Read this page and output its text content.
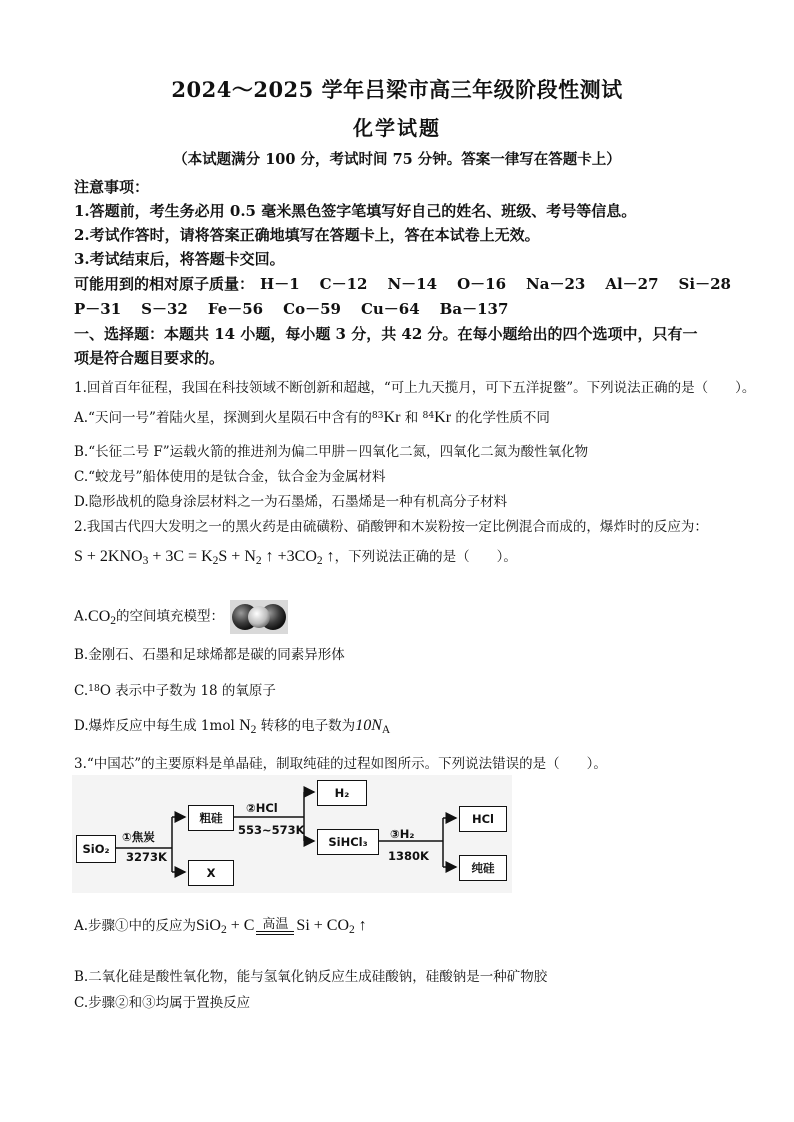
2024～2025 学年吕梁市高三年级阶段性测试
化学试题
（本试题满分 100 分，考试时间 75 分钟。答案一律写在答题卡上）
注意事项：
1.答题前，考生务必用 0.5 毫米黑色签字笔填写好自己的姓名、班级、考号等信息。
2.考试作答时，请将答案正确地填写在答题卡上，答在本试卷上无效。
3.考试结束后，将答题卡交回。
可能用到的相对原子质量： H－1 C－12 N－14 O－16 Na－23 Al－27 Si－28
P－31 S－32 Fe－56 Co－59 Cu－64 Ba－137
一、选择题：本题共 14 小题，每小题 3 分，共 42 分。在每小题给出的四个选项中，只有一
项是符合题目要求的。
1.回首百年征程，我国在科技领域不断创新和超越，“可上九天揽月，可下五洋捉鳖”。下列说法正确的是（　　）。
A.“天问一号”着陆火星，探测到火星陨石中含有的$^{83}$Kr 和 $^{84}$Kr 的化学性质不同
B.“长征二号 F”运载火箭的推进剂为偏二甲肼－四氧化二氮，四氧化二氮为酸性氧化物
C.“蛟龙号”船体使用的是钛合金，钛合金为金属材料
D.隐形战机的隐身涂层材料之一为石墨烯，石墨烯是一种有机高分子材料
2.我国古代四大发明之一的黑火药是由硫磺粉、硝酸钾和木炭粉按一定比例混合而成的，爆炸时的反应为：
$S + 2KNO_3 + 3C = K_2S + N_2$ ↑ $+3CO_2$ ↑，下列说法正确的是（　　）。
$A.CO_2$的空间填充模型：
B.金刚石、石墨和足球烯都是碳的同素异形体
C.$^{18}$O 表示中子数为 18 的氧原子
D.爆炸反应中每生成 1mol $N_2$ 转移的电子数为$10N_A$
3.“中国芯”的主要原料是单晶硅，制取纯硅的过程如图所示。下列说法错误的是（　　）。
SiO₂
①焦炭
3273K
粗硅
X
②HCl
553~573K
H₂
SiHCl₃
③H₂
1380K
HCl
纯硅
A.步骤①中的反应为SiO$_2$ + C 高温 $Si + CO_2$ ↑
B.二氧化硅是酸性氧化物，能与氢氧化钠反应生成硅酸钠，硅酸钠是一种矿物胶
C.步骤②和③均属于置换反应
